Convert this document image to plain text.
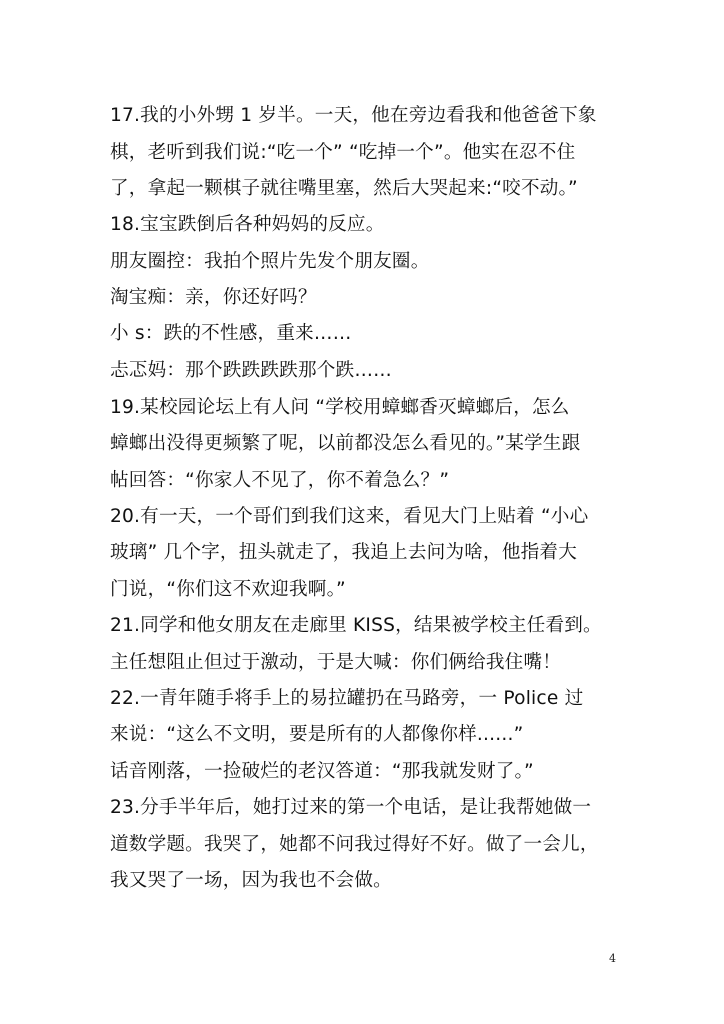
17.我的小外甥 1 岁半。一天，他在旁边看我和他爸爸下象
棋，老听到我们说:“吃一个” “吃掉一个”。他实在忍不住
了，拿起一颗棋子就往嘴里塞，然后大哭起来:“咬不动。”
18.宝宝跌倒后各种妈妈的反应。
朋友圈控：我拍个照片先发个朋友圈。
淘宝痴：亲，你还好吗？
小 s：跌的不性感，重来……
忐忑妈：那个跌跌跌跌那个跌……
19.某校园论坛上有人问 “学校用蟑螂香灭蟑螂后，怎么
蟑螂出没得更频繁了呢，以前都没怎么看见的。”某学生跟
帖回答：“你家人不见了，你不着急么？”
20.有一天，一个哥们到我们这来，看见大门上贴着 “小心
玻璃” 几个字，扭头就走了，我追上去问为啥，他指着大
门说，“你们这不欢迎我啊。”
21.同学和他女朋友在走廊里 KISS，结果被学校主任看到。
主任想阻止但过于激动，于是大喊：你们俩给我住嘴！
22.一青年随手将手上的易拉罐扔在马路旁，一 Police 过
来说：“这么不文明，要是所有的人都像你样......”
话音刚落，一捡破烂的老汉答道：“那我就发财了。”
23.分手半年后，她打过来的第一个电话，是让我帮她做一
道数学题。我哭了，她都不问我过得好不好。做了一会儿，
我又哭了一场，因为我也不会做。
4
